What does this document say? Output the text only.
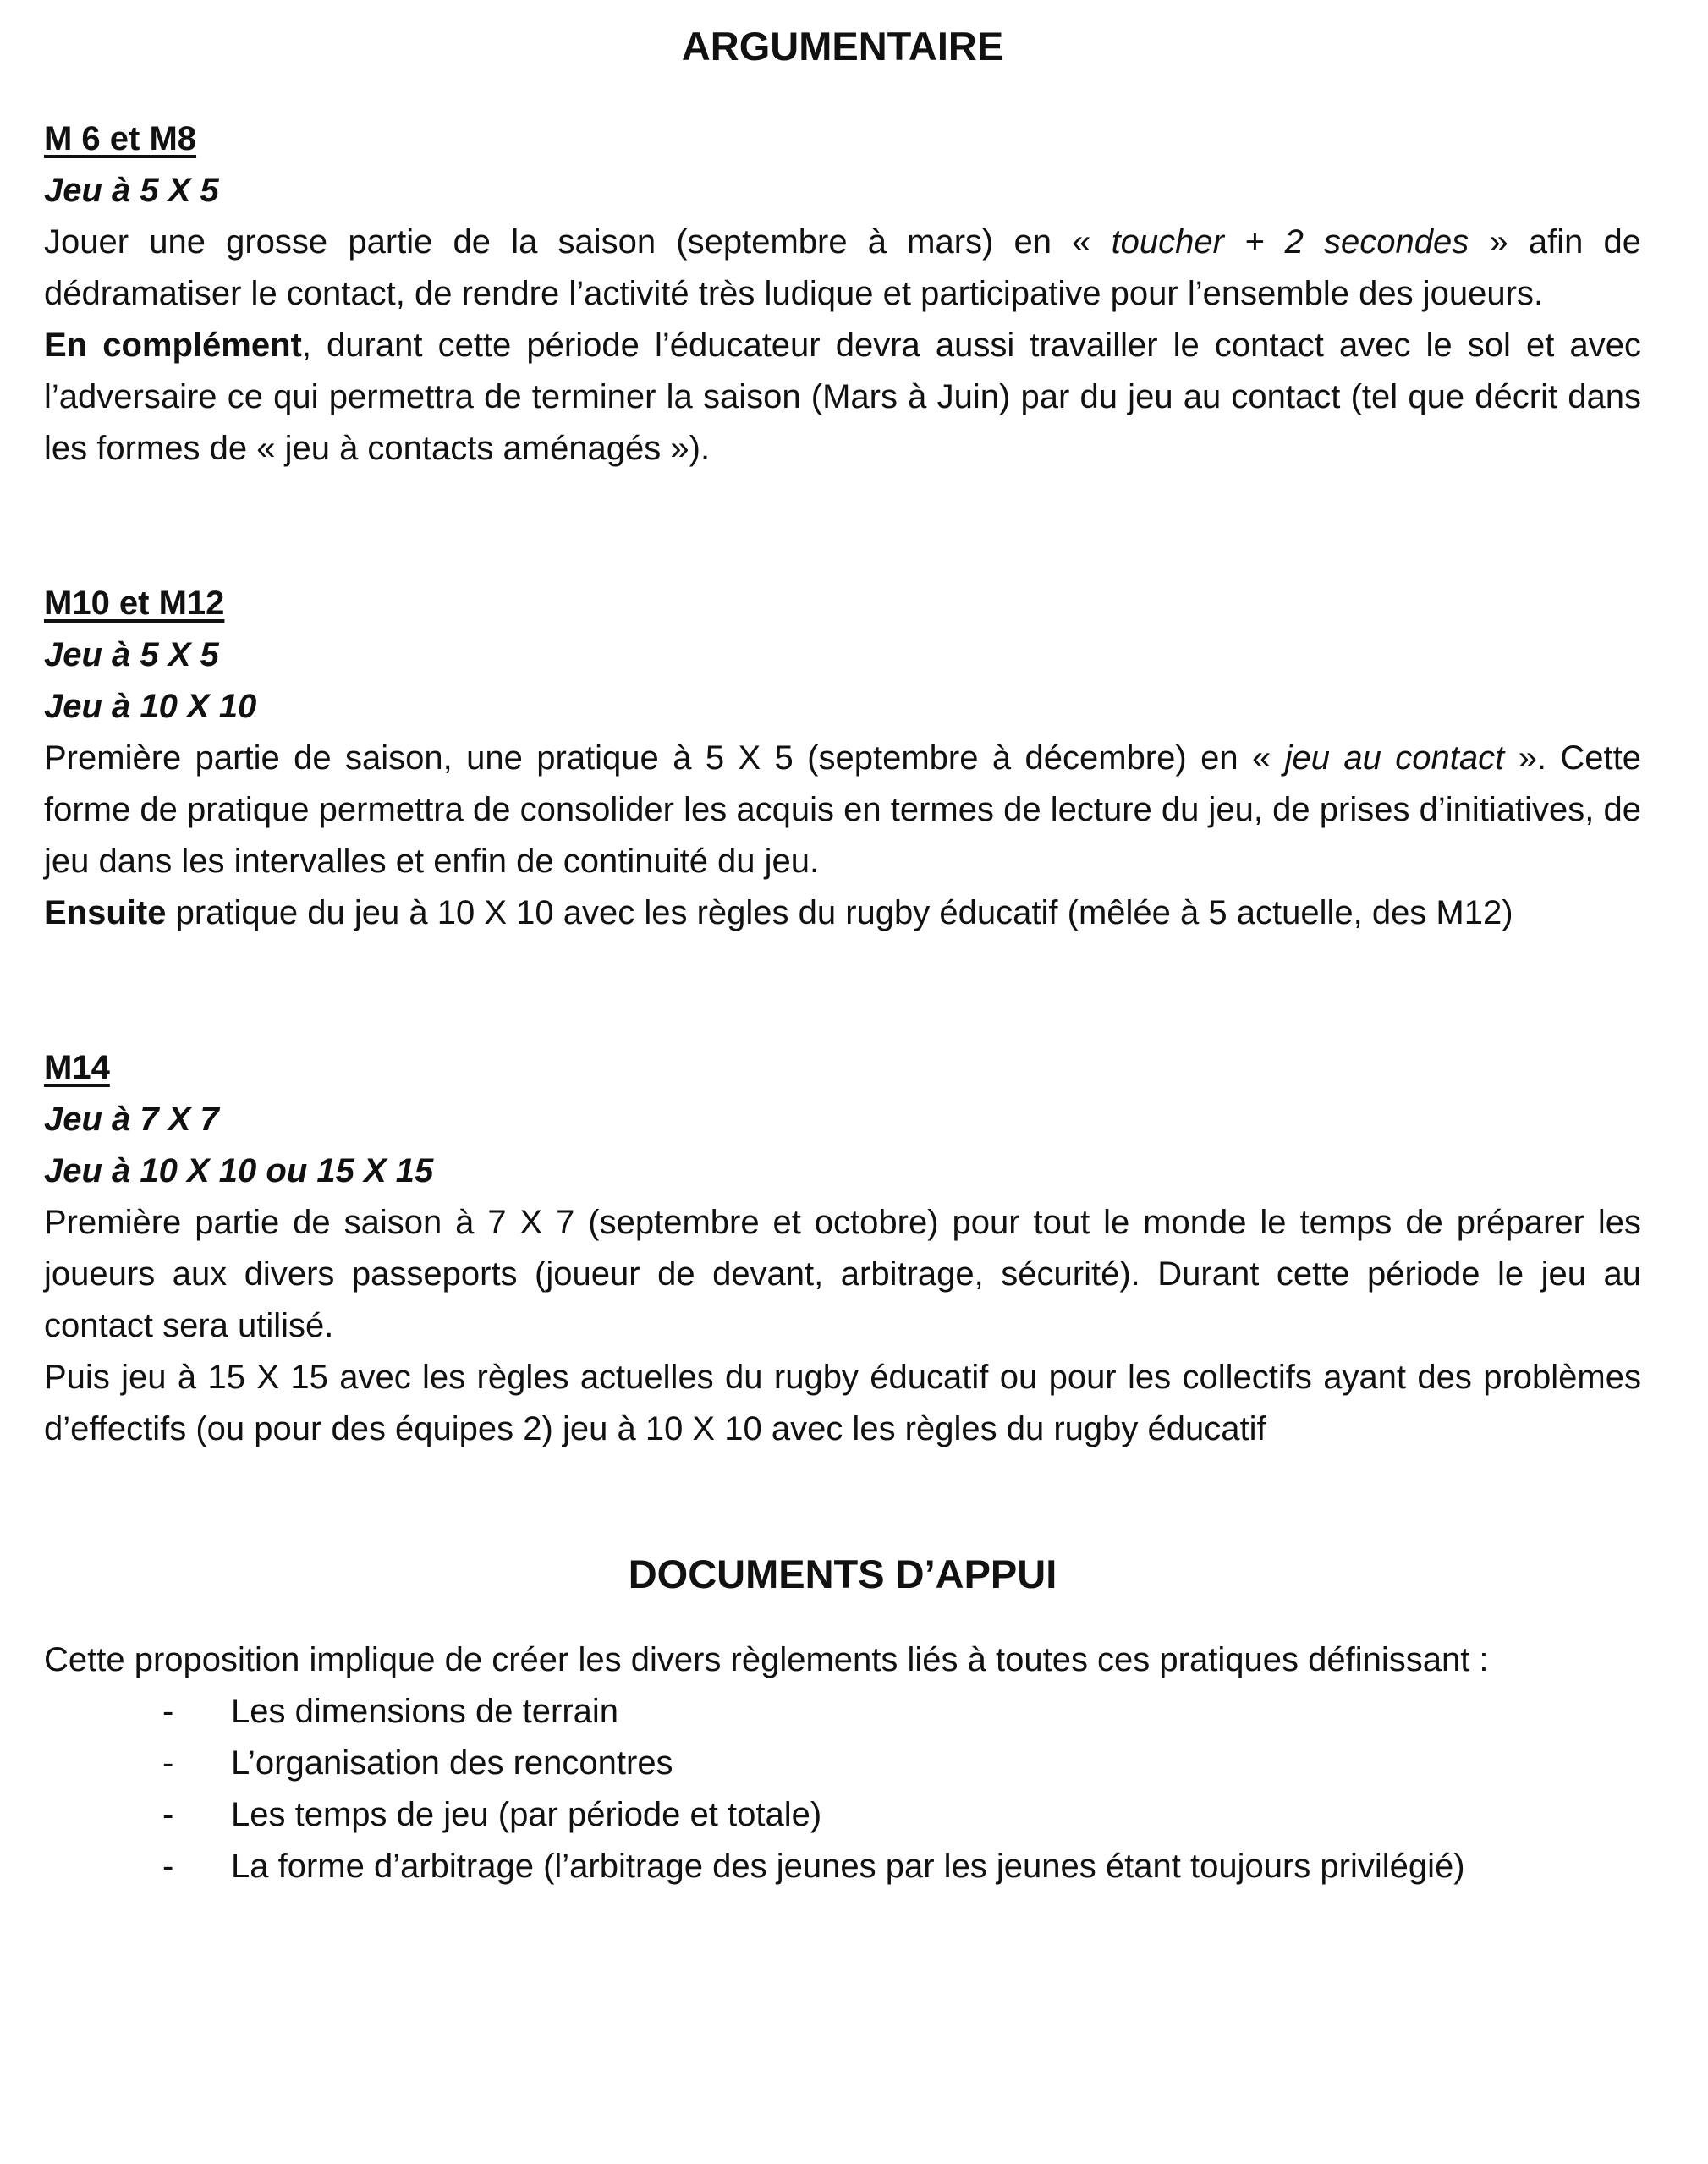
ARGUMENTAIRE

M 6 et M8

Jeu à 5 X 5

Jouer une grosse partie de la saison (septembre à mars) en « toucher + 2 secondes » afin de dédramatiser le contact, de rendre l’activité très ludique et participative pour l’ensemble des joueurs.

En complément, durant cette période l’éducateur devra aussi travailler le contact avec le sol et avec l’adversaire ce qui permettra de terminer la saison (Mars à Juin) par du jeu au contact (tel que décrit dans les formes de « jeu à contacts aménagés »).

M10 et M12

Jeu à 5 X 5

Jeu à 10 X 10

Première partie de saison, une pratique à 5 X 5 (septembre à décembre) en « jeu au contact ». Cette forme de pratique permettra de consolider les acquis en termes de lecture du jeu, de prises d’initiatives, de jeu dans les intervalles et enfin de continuité du jeu.

Ensuite pratique du jeu à 10 X 10 avec les règles du rugby éducatif (mêlée à 5 actuelle, des M12)

M14

Jeu à 7 X 7

Jeu à 10 X 10 ou 15 X 15

Première partie de saison à 7 X 7 (septembre et octobre) pour tout le monde le temps de préparer les joueurs aux divers passeports (joueur de devant, arbitrage, sécurité). Durant cette période le jeu au contact sera utilisé.

Puis jeu à 15 X 15 avec les règles actuelles du rugby éducatif ou pour les collectifs ayant des problèmes d’effectifs (ou pour des équipes 2) jeu à 10 X 10 avec les règles du rugby éducatif

DOCUMENTS D’APPUI

Cette proposition implique de créer les divers règlements liés à toutes ces pratiques définissant :

- Les dimensions de terrain
- L’organisation des rencontres
- Les temps de jeu (par période et totale)
- La forme d’arbitrage (l’arbitrage des jeunes par les jeunes étant toujours privilégié)
